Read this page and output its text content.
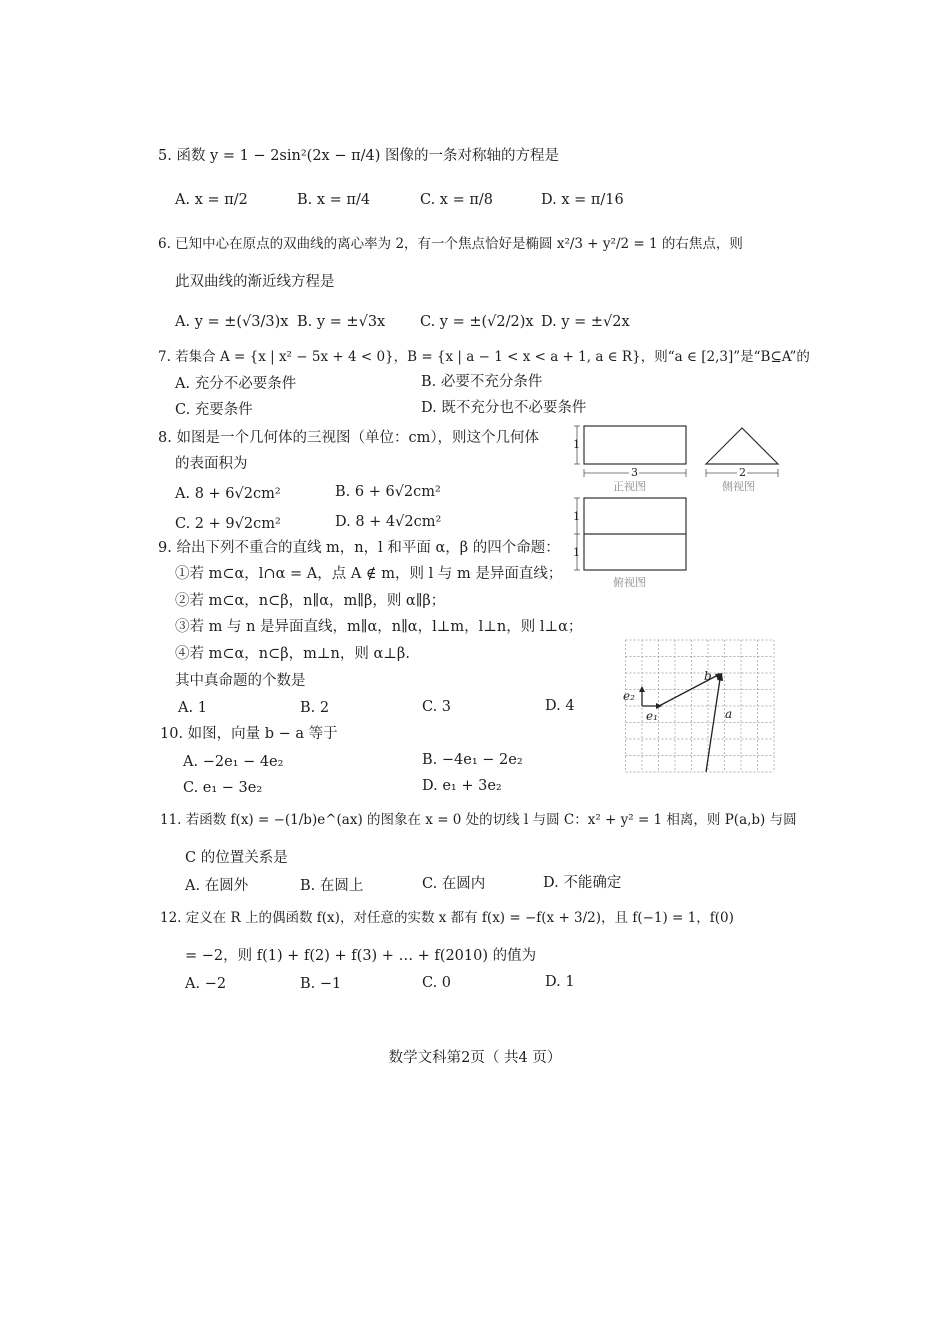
5. 函数 y = 1 − 2sin²(2x − π/4) 图像的一条对称轴的方程是
A. x = π/2	B. x = π/4	C. x = π/8	D. x = π/16
6. 已知中心在原点的双曲线的离心率为 2，有一个焦点恰好是椭圆 x²/3 + y²/2 = 1 的右焦点，则
此双曲线的渐近线方程是
A. y = ±(√3/3)x B. y = ±√3x C. y = ±(√2/2)x D. y = ±√2x
7. 若集合 A = {x | x² − 5x + 4 < 0}，B = {x | a − 1 < x < a + 1, a ∈ R}，则“a ∈ [2,3]”是“B⊆A”的
A. 充分不必要条件	B. 必要不充分条件
C. 充要条件	D. 既不充分也不必要条件
8. 如图是一个几何体的三视图（单位：cm），则这个几何体
的表面积为
A. 8 + 6√2cm²	B. 6 + 6√2cm²
C. 2 + 9√2cm²	D. 8 + 4√2cm²
1
3
正视图
2
侧视图
1
1
俯视图
9. 给出下列不重合的直线 m，n，l 和平面 α，β 的四个命题：
①若 m⊂α，l∩α = A，点 A ∉ m，则 l 与 m 是异面直线；
②若 m⊂α，n⊂β，n∥α，m∥β，则 α∥β；
③若 m 与 n 是异面直线，m∥α，n∥α，l⊥m，l⊥n，则 l⊥α；
④若 m⊂α，n⊂β，m⊥n，则 α⊥β.
其中真命题的个数是
A. 1	B. 2	C. 3	D. 4
b
a
e₁
e₂
10. 如图，向量 b − a 等于
A. −2e₁ − 4e₂	B. −4e₁ − 2e₂
C. e₁ − 3e₂	D. e₁ + 3e₂
11. 若函数 f(x) = −(1/b)e^(ax) 的图象在 x = 0 处的切线 l 与圆 C：x² + y² = 1 相离，则 P(a,b) 与圆
C 的位置关系是
A. 在圆外	B. 在圆上	C. 在圆内	D. 不能确定
12. 定义在 R 上的偶函数 f(x)，对任意的实数 x 都有 f(x) = −f(x + 3/2)，且 f(−1) = 1，f(0)
= −2，则 f(1) + f(2) + f(3) + … + f(2010) 的值为
A. −2	B. −1	C. 0	D. 1
数学文科第2页（ 共4 页）
